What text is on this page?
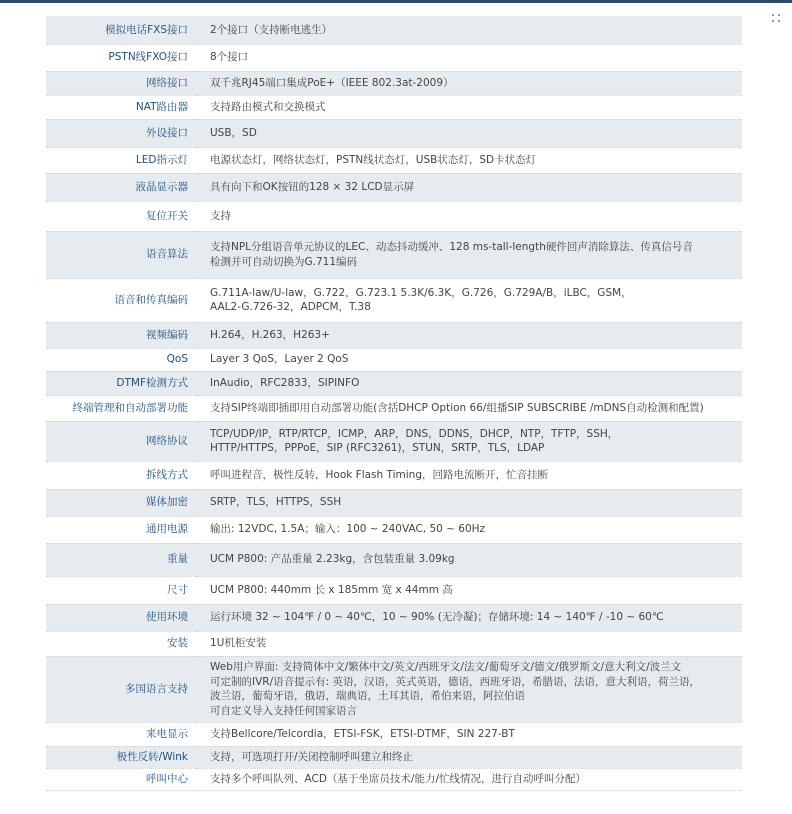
模拟电话FXS接口	2个接口（支持断电逃生）
PSTN线FXO接口	8个接口
网络接口	双千兆RJ45端口集成PoE+（IEEE 802.3at-2009）
NAT路由器	支持路由模式和交换模式
外设接口	USB，SD
LED指示灯	电源状态灯，网络状态灯，PSTN线状态灯，USB状态灯，SD卡状态灯
液晶显示器	具有向下和OK按钮的128 × 32 LCD显示屏
复位开关	支持
语音算法	支持NPL分组语音单元协议的LEC、动态抖动缓冲、128 ms-tall-length硬件回声消除算法、传真信号音
检测并可自动切换为G.711编码
语音和传真编码	G.711A-law/U-law，G.722，G.723.1 5.3K/6.3K，G.726，G.729A/B，iLBC，GSM，
AAL2-G.726-32，ADPCM，T.38
视频编码	H.264，H.263，H263+
QoS	Layer 3 QoS，Layer 2 QoS
DTMF检测方式	InAudio，RFC2833，SIPINFO
终端管理和自动部署功能	支持SIP终端即插即用自动部署功能(含括DHCP Option 66/组播SIP SUBSCRIBE /mDNS自动检测和配置)
网络协议	TCP/UDP/IP，RTP/RTCP，ICMP，ARP，DNS，DDNS，DHCP，NTP，TFTP，SSH，
HTTP/HTTPS，PPPoE，SIP (RFC3261)，STUN，SRTP，TLS，LDAP
拆线方式	呼叫进程音，极性反转，Hook Flash Timing，回路电流断开，忙音挂断
媒体加密	SRTP，TLS，HTTPS，SSH
通用电源	输出: 12VDC, 1.5A；输入：100 ~ 240VAC, 50 ~ 60Hz
重量	UCM P800: 产品重量 2.23kg，含包装重量 3.09kg
尺寸	UCM P800: 440mm 长 x 185mm 宽 x 44mm 高
使用环境	运行环境 32 ~ 104℉ / 0 ~ 40℃，10 ~ 90% (无冷凝)；存储环境: 14 ~ 140℉ / -10 ~ 60℃
安装	1U机柜安装
多国语言支持	Web用户界面: 支持简体中文/繁体中文/英文/西班牙文/法文/葡萄牙文/德文/俄罗斯文/意大利文/波兰文
可定制的IVR/语音提示有: 英语，汉语，英式英语，德语，西班牙语，希腊语，法语，意大利语，荷兰语，
波兰语，葡萄牙语，俄语，瑞典语，土耳其语，希伯来语，阿拉伯语
可自定义导入支持任何国家语言
来电显示	支持Bellcore/Telcordia，ETSI-FSK，ETSI-DTMF，SIN 227-BT
极性反转/Wink	支持，可选项打开/关闭控制呼叫建立和终止
呼叫中心	支持多个呼叫队列、ACD（基于坐席员技术/能力/忙线情况，进行自动呼叫分配）
